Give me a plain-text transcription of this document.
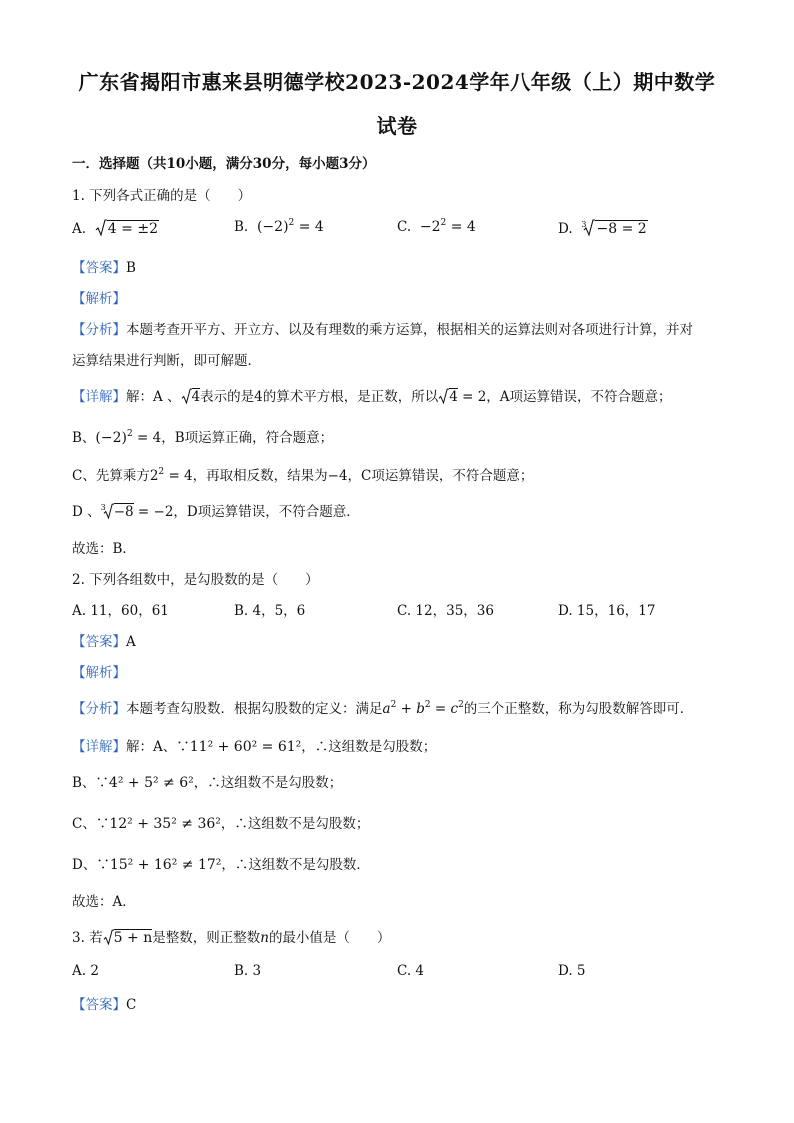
广东省揭阳市惠来县明德学校2023-2024学年八年级（上）期中数学
试卷
一．选择题（共10小题，满分30分，每小题3分）
1. 下列各式正确的是（　　）
A. 4 = ±2	B. $(-2)^2 = 4$	C. $-2^2 = 4$	D. $^3$ −8 = 2
【答案】B
【解析】
【分析】本题考查开平方、开立方、以及有理数的乘方运算，根据相关的运算法则对各项进行计算，并对
运算结果进行判断，即可解题．
【详解】解：A 、 4表示的是4的算术平方根，是正数，所以 4 = 2，A项运算错误，不符合题意；
B、$(-2)^2 = 4$，B项运算正确，符合题意；
C、先算乘方$2^2 = 4$，再取相反数，结果为−4，C项运算错误，不符合题意；
D 、$^3$ −8 = −2，D项运算错误，不符合题意．
故选：B．
2. 下列各组数中，是勾股数的是（　　）
A. 11，60，61	B. 4，5，6	C. 12，35，36	D. 15，16，17
【答案】A
【解析】
【分析】本题考查勾股数．根据勾股数的定义：满足$a^2 + b^2 = c^2$的三个正整数，称为勾股数解答即可．
【详解】解：A、∵11² + 60² = 61²，∴这组数是勾股数；
B、∵4² + 5² ≠ 6²，∴这组数不是勾股数；
C、∵12² + 35² ≠ 36²，∴这组数不是勾股数；
D、∵15² + 16² ≠ 17²，∴这组数不是勾股数．
故选：A．
3. 若 5 + n是整数，则正整数n的最小值是（　　）
A. 2	B. 3	C. 4	D. 5
【答案】C
